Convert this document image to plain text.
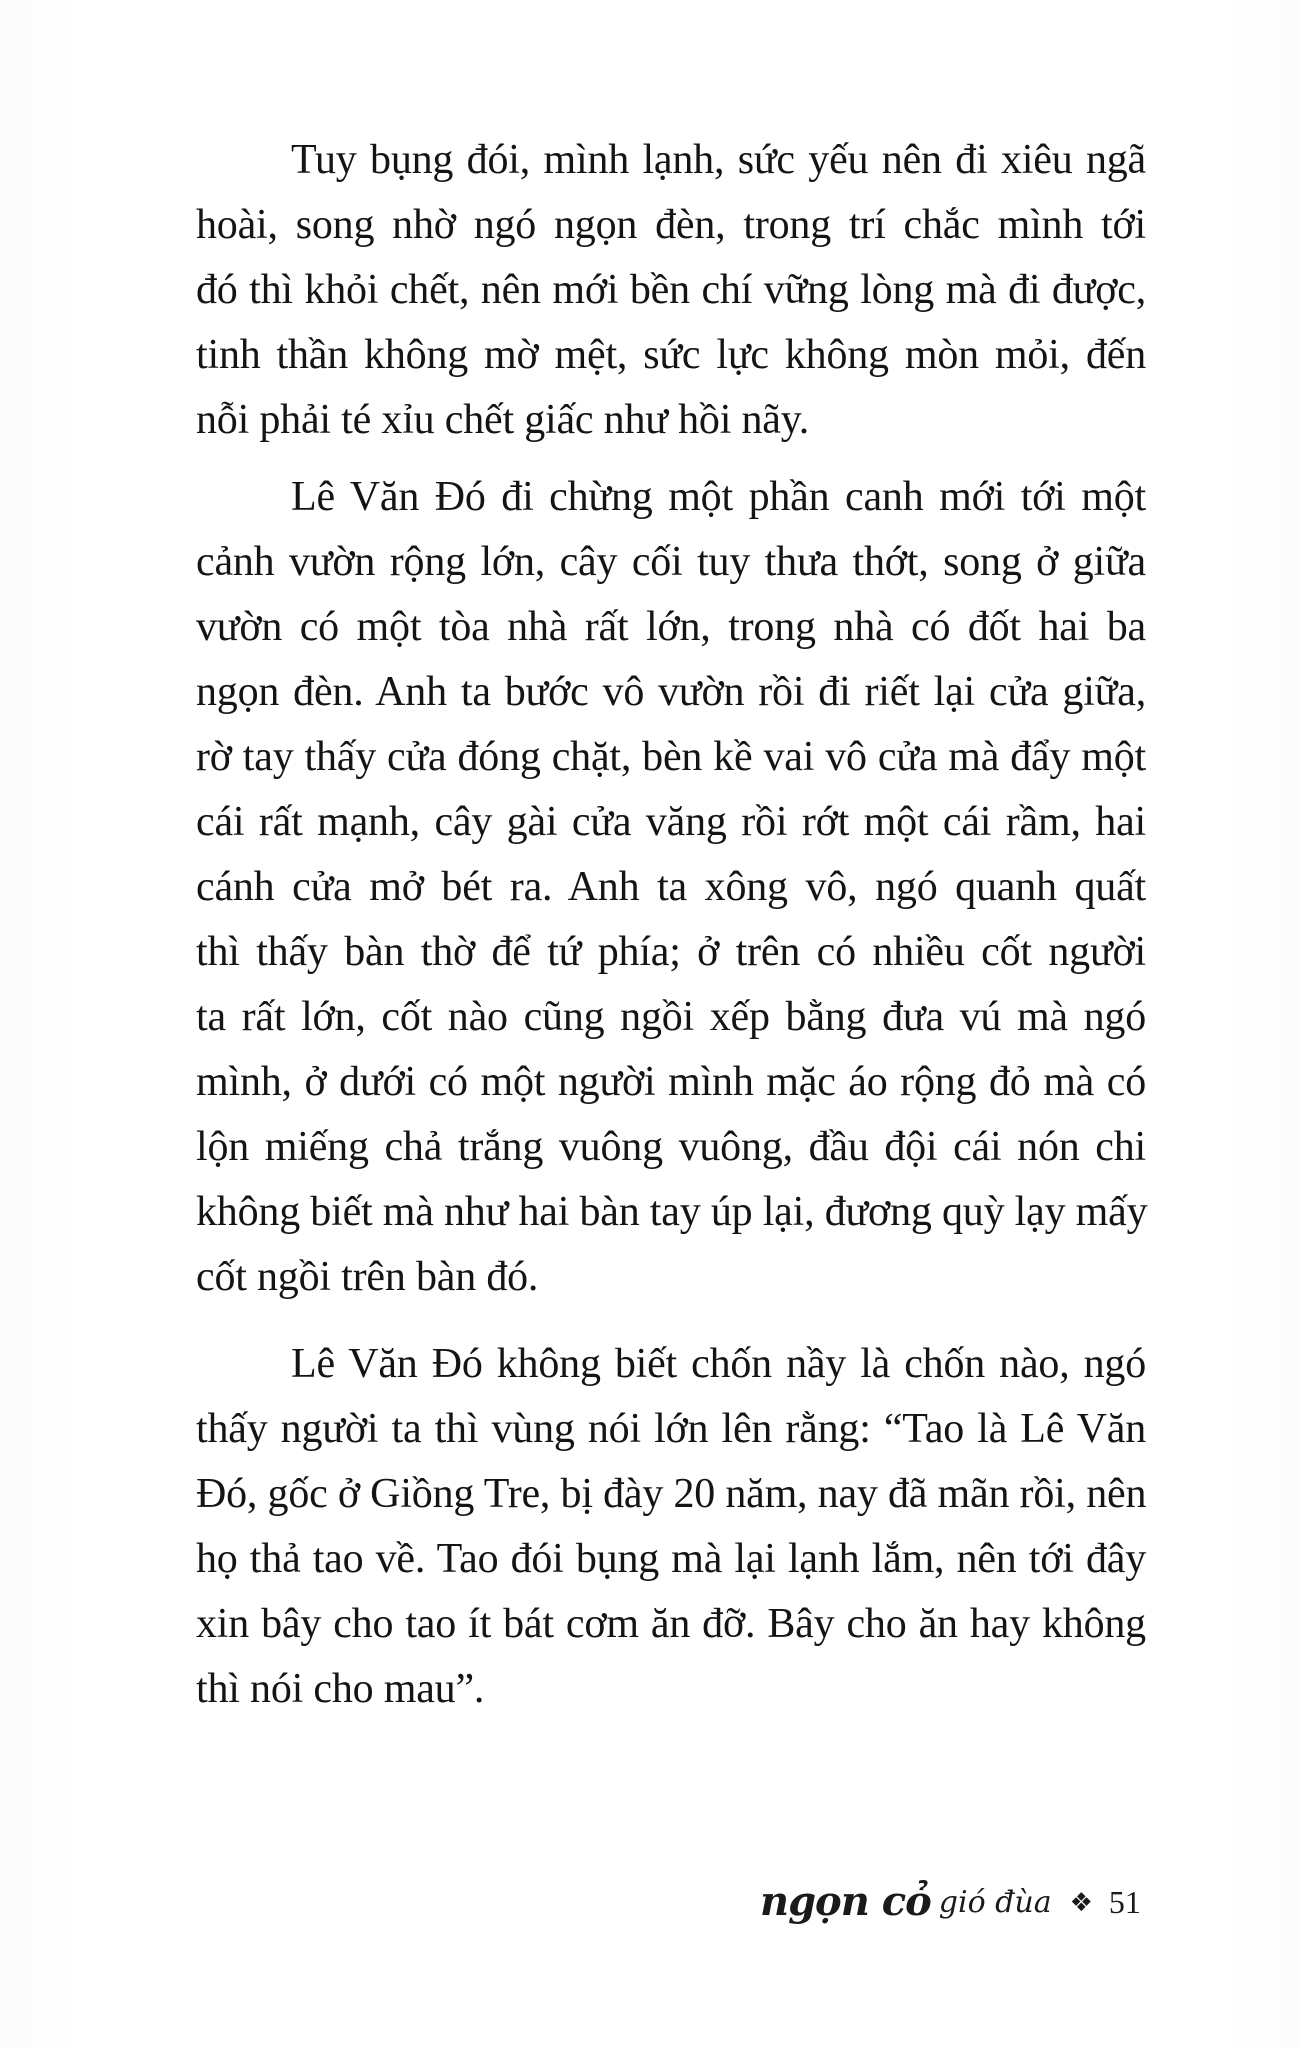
Tuy bụng đói, mình lạnh, sức yếu nên đi xiêu ngã
hoài, song nhờ ngó ngọn đèn, trong trí chắc mình tới
đó thì khỏi chết, nên mới bền chí vững lòng mà đi được,
tinh thần không mờ mệt, sức lực không mòn mỏi, đến
nỗi phải té xỉu chết giấc như hồi nãy.

Lê Văn Đó đi chừng một phần canh mới tới một
cảnh vườn rộng lớn, cây cối tuy thưa thớt, song ở giữa
vườn có một tòa nhà rất lớn, trong nhà có đốt hai ba
ngọn đèn. Anh ta bước vô vườn rồi đi riết lại cửa giữa,
rờ tay thấy cửa đóng chặt, bèn kề vai vô cửa mà đẩy một
cái rất mạnh, cây gài cửa văng rồi rớt một cái rầm, hai
cánh cửa mở bét ra. Anh ta xông vô, ngó quanh quất
thì thấy bàn thờ để tứ phía; ở trên có nhiều cốt người
ta rất lớn, cốt nào cũng ngồi xếp bằng đưa vú mà ngó
mình, ở dưới có một người mình mặc áo rộng đỏ mà có
lộn miếng chả trắng vuông vuông, đầu đội cái nón chi
không biết mà như hai bàn tay úp lại, đương quỳ lạy mấy
cốt ngồi trên bàn đó.

Lê Văn Đó không biết chốn nầy là chốn nào, ngó
thấy người ta thì vùng nói lớn lên rằng: “Tao là Lê Văn
Đó, gốc ở Giồng Tre, bị đày 20 năm, nay đã mãn rồi, nên
họ thả tao về. Tao đói bụng mà lại lạnh lắm, nên tới đây
xin bây cho tao ít bát cơm ăn đỡ. Bây cho ăn hay không
thì nói cho mau”.

ngọn cỏ gió đùa ❖ 51
